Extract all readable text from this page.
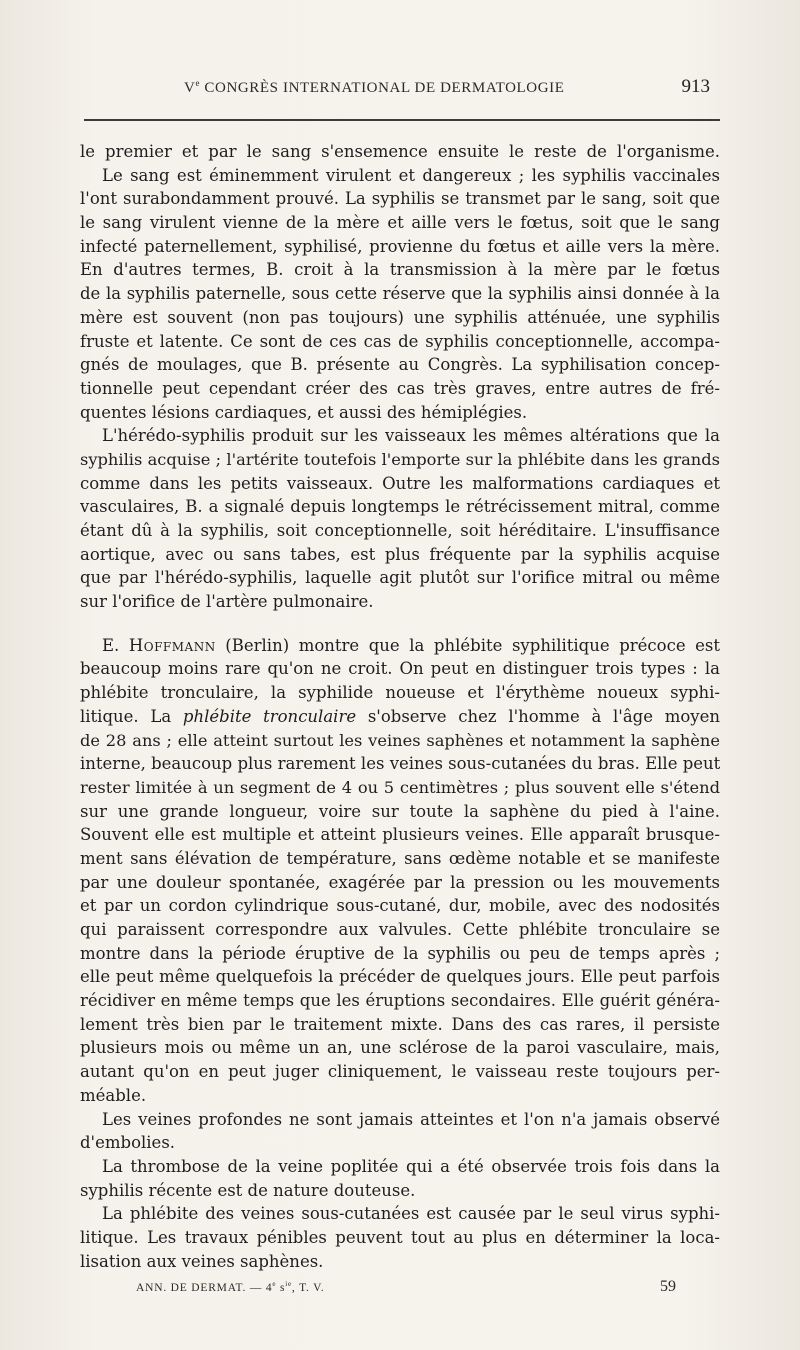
Ve CONGRÈS INTERNATIONAL DE DERMATOLOGIE	913
le premier et par le sang s'ensemence ensuite le reste de l'organisme.
Le sang est éminemment virulent et dangereux ; les syphilis vaccinales
l'ont surabondamment prouvé. La syphilis se transmet par le sang, soit que
le sang virulent vienne de la mère et aille vers le fœtus, soit que le sang
infecté paternellement, syphilisé, provienne du fœtus et aille vers la mère.
En d'autres termes, B. croit à la transmission à la mère par le fœtus
de la syphilis paternelle, sous cette réserve que la syphilis ainsi donnée à la
mère est souvent (non pas toujours) une syphilis atténuée, une syphilis
fruste et latente. Ce sont de ces cas de syphilis conceptionnelle, accompa-
gnés de moulages, que B. présente au Congrès. La syphilisation concep-
tionnelle peut cependant créer des cas très graves, entre autres de fré-
quentes lésions cardiaques, et aussi des hémiplégies.
L'hérédo-syphilis produit sur les vaisseaux les mêmes altérations que la
syphilis acquise ; l'artérite toutefois l'emporte sur la phlébite dans les grands
comme dans les petits vaisseaux. Outre les malformations cardiaques et
vasculaires, B. a signalé depuis longtemps le rétrécissement mitral, comme
étant dû à la syphilis, soit conceptionnelle, soit héréditaire. L'insuffisance
aortique, avec ou sans tabes, est plus fréquente par la syphilis acquise
que par l'hérédo-syphilis, laquelle agit plutôt sur l'orifice mitral ou même
sur l'orifice de l'artère pulmonaire.
E. Hoffmann (Berlin) montre que la phlébite syphilitique précoce est
beaucoup moins rare qu'on ne croit. On peut en distinguer trois types : la
phlébite tronculaire, la syphilide noueuse et l'érythème noueux syphi-
litique. La phlébite tronculaire s'observe chez l'homme à l'âge moyen
de 28 ans ; elle atteint surtout les veines saphènes et notamment la saphène
interne, beaucoup plus rarement les veines sous-cutanées du bras. Elle peut
rester limitée à un segment de 4 ou 5 centimètres ; plus souvent elle s'étend
sur une grande longueur, voire sur toute la saphène du pied à l'aine.
Souvent elle est multiple et atteint plusieurs veines. Elle apparaît brusque-
ment sans élévation de température, sans œdème notable et se manifeste
par une douleur spontanée, exagérée par la pression ou les mouvements
et par un cordon cylindrique sous-cutané, dur, mobile, avec des nodosités
qui paraissent correspondre aux valvules. Cette phlébite tronculaire se
montre dans la période éruptive de la syphilis ou peu de temps après ;
elle peut même quelquefois la précéder de quelques jours. Elle peut parfois
récidiver en même temps que les éruptions secondaires. Elle guérit généra-
lement très bien par le traitement mixte. Dans des cas rares, il persiste
plusieurs mois ou même un an, une sclérose de la paroi vasculaire, mais,
autant qu'on en peut juger cliniquement, le vaisseau reste toujours per-
méable.
Les veines profondes ne sont jamais atteintes et l'on n'a jamais observé
d'embolies.
La thrombose de la veine poplitée qui a été observée trois fois dans la
syphilis récente est de nature douteuse.
La phlébite des veines sous-cutanées est causée par le seul virus syphi-
litique. Les travaux pénibles peuvent tout au plus en déterminer la loca-
lisation aux veines saphènes.
ANN. DE DERMAT. — 4e $s^{ie}$, T. V.	59
